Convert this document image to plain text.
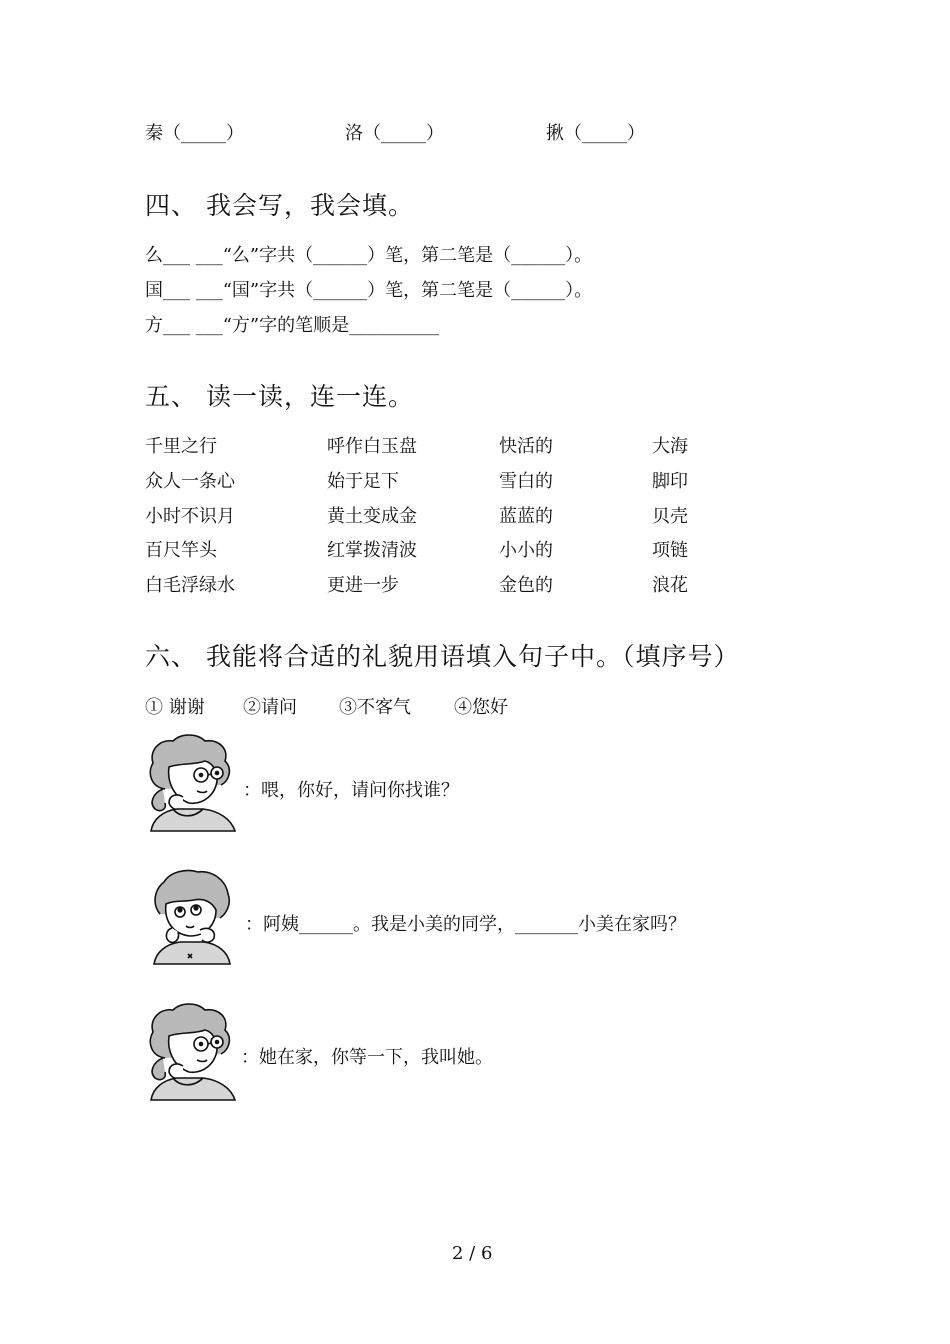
秦（_____）	洛（_____）	揪（_____）
四、 我会写，我会填。
么___ ___“么”字共（______）笔，第二笔是（______）。
国___ ___“国”字共（______）笔，第二笔是（______）。
方___ ___“方”字的笔顺是__________
五、 读一读，连一连。
千里之行
众人一条心
小时不识月
百尺竿头
白毛浮绿水
呼作白玉盘
始于足下
黄土变成金
红掌拨清波
更进一步
快活的
雪白的
蓝蓝的
小小的
金色的
大海
脚印
贝壳
项链
浪花
六、 我能将合适的礼貌用语填入句子中。（填序号）
① 谢谢 ②请问 ③不客气 ④您好
：喂，你好，请问你找谁？
：阿姨______。我是小美的同学，_______小美在家吗？
：她在家，你等一下，我叫她。
2 / 6
